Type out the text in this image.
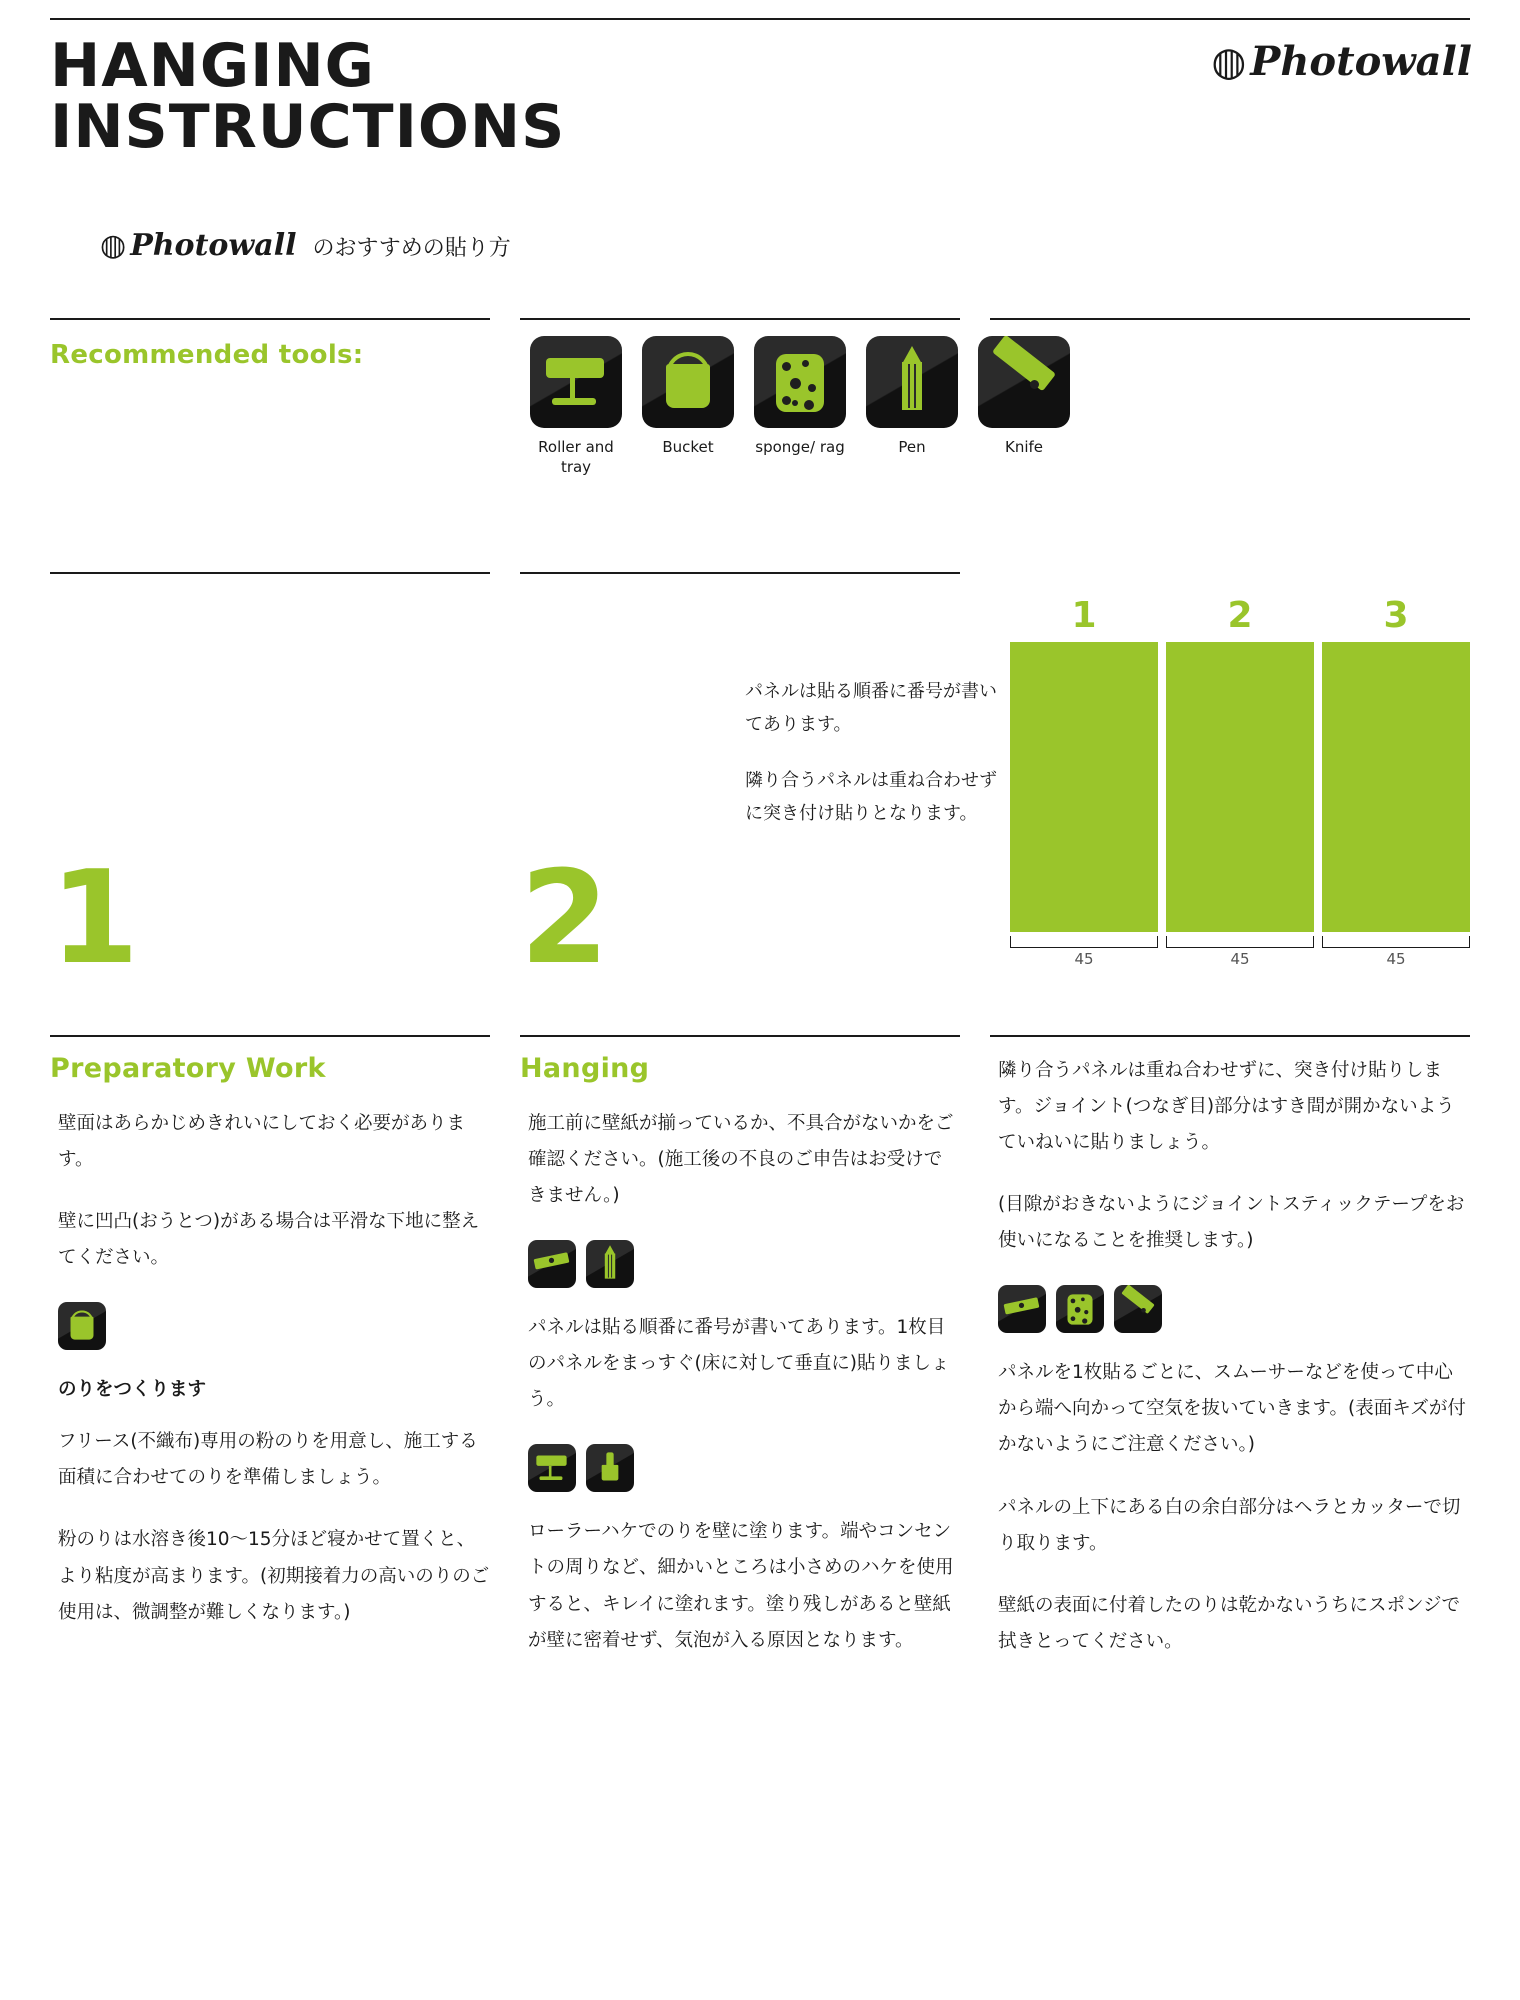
HANGING
INSTRUCTIONS
◍ Photowall
◍ Photowall のおすすめの貼り方
Recommended tools:
Roller and tray
Bucket	sponge/ rag	Pen	Knife
1	2

パネルは貼る順番に番号が書いてあります。

隣り合うパネルは重ね合わせずに突き付け貼りとなります。

1	2	3
45	45	45
Preparatory Work

壁面はあらかじめきれいにしておく必要があります。

壁に凹凸(おうとつ)がある場合は平滑な下地に整えてください。

のりをつくります

フリース(不織布)専用の粉のりを用意し、施工する面積に合わせてのりを準備しましょう。

粉のりは水溶き後10〜15分ほど寝かせて置くと、より粘度が高まります。(初期接着力の高いのりのご使用は、微調整が難しくなります。)

Hanging

施工前に壁紙が揃っているか、不具合がないかをご確認ください。(施工後の不良のご申告はお受けできません。)

パネルは貼る順番に番号が書いてあります。1枚目のパネルをまっすぐ(床に対して垂直に)貼りましょう。

ローラーハケでのりを壁に塗ります。端やコンセントの周りなど、細かいところは小さめのハケを使用すると、キレイに塗れます。塗り残しがあると壁紙が壁に密着せず、気泡が入る原因となります。

隣り合うパネルは重ね合わせずに、突き付け貼りします。ジョイント(つなぎ目)部分はすき間が開かないようていねいに貼りましょう。

(目隙がおきないようにジョイントスティックテープをお使いになることを推奨します。)

パネルを1枚貼るごとに、スムーサーなどを使って中心から端へ向かって空気を抜いていきます。(表面キズが付かないようにご注意ください。)

パネルの上下にある白の余白部分はヘラとカッターで切り取ります。

壁紙の表面に付着したのりは乾かないうちにスポンジで拭きとってください。
